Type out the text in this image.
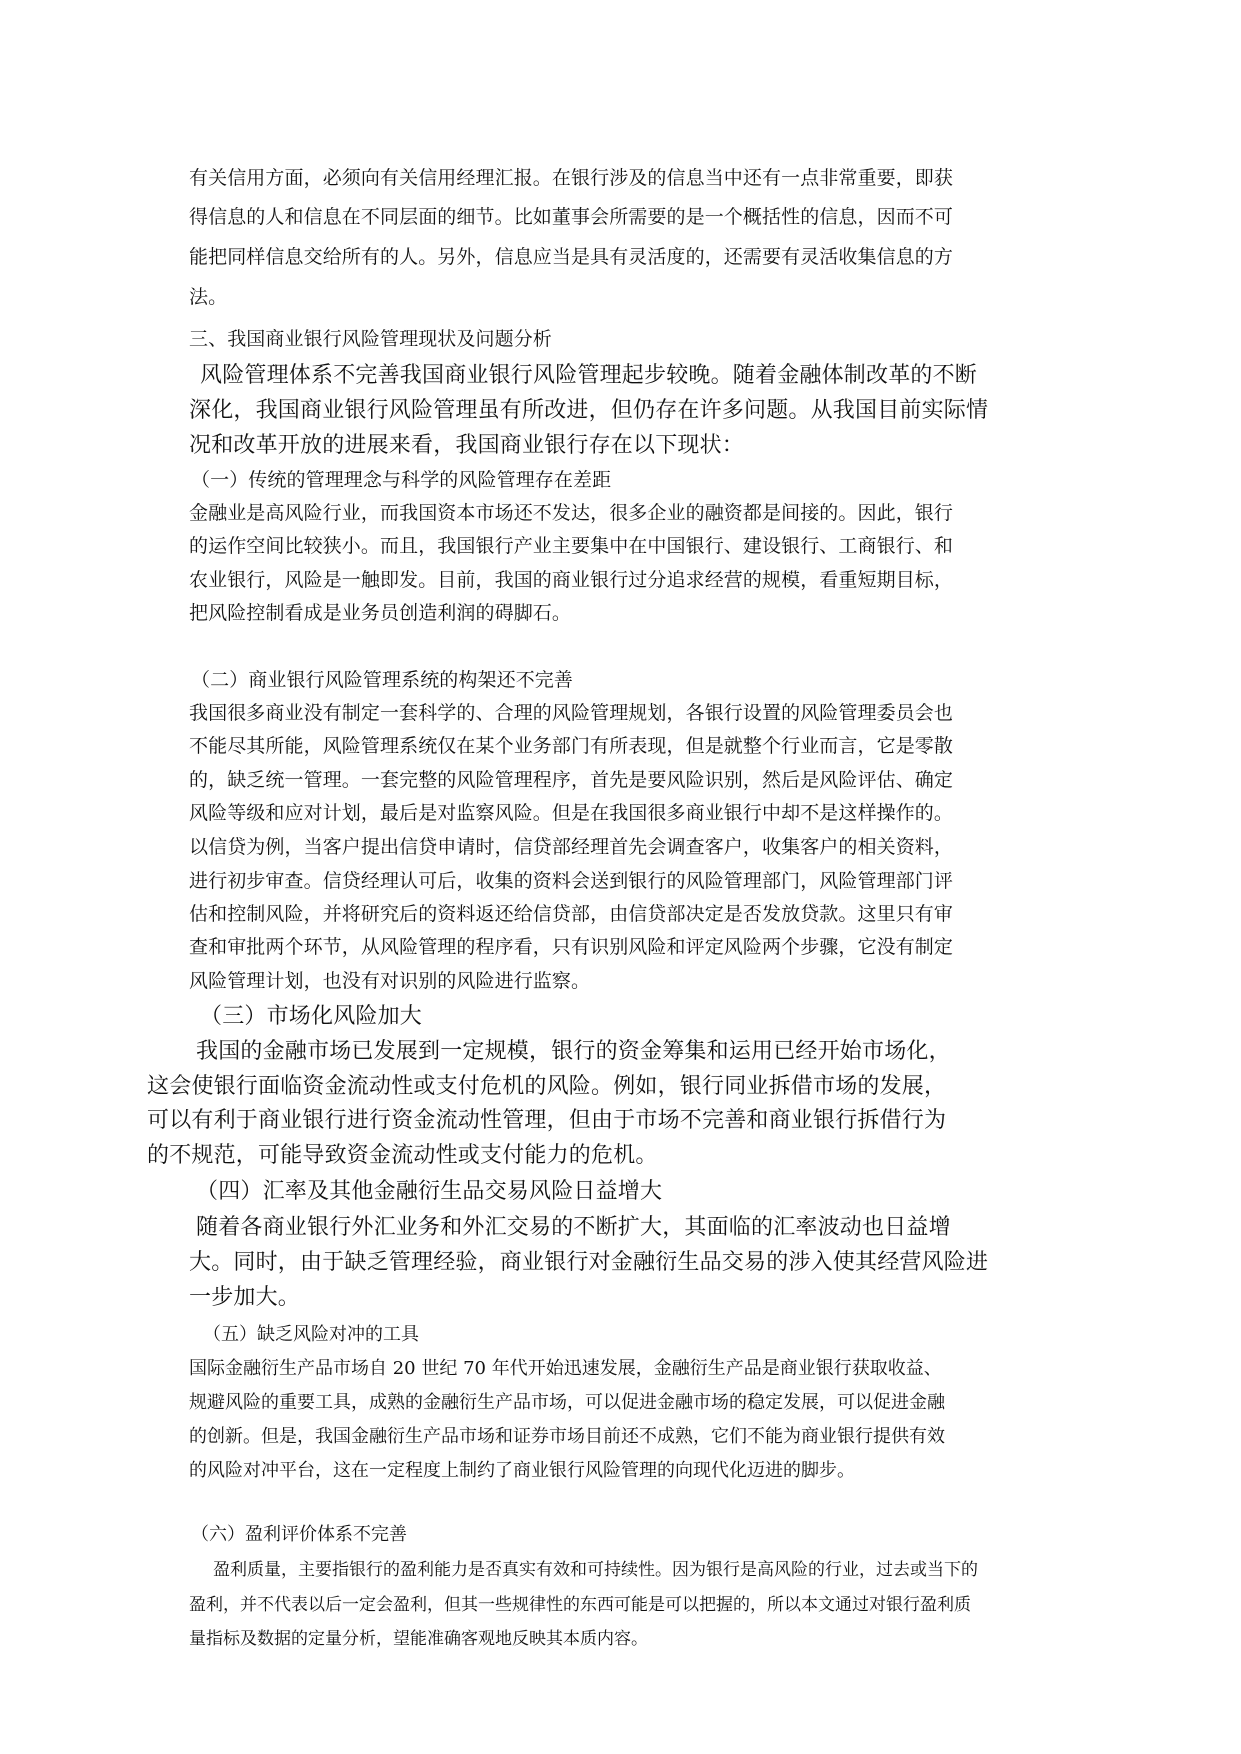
有关信用方面，必须向有关信用经理汇报。在银行涉及的信息当中还有一点非常重要，即获

得信息的人和信息在不同层面的细节。比如董事会所需要的是一个概括性的信息，因而不可

能把同样信息交给所有的人。另外，信息应当是具有灵活度的，还需要有灵活收集信息的方

法。

三、我国商业银行风险管理现状及问题分析

风险管理体系不完善我国商业银行风险管理起步较晚。随着金融体制改革的不断

深化，我国商业银行风险管理虽有所改进，但仍存在许多问题。从我国目前实际情

况和改革开放的进展来看，我国商业银行存在以下现状：

（一）传统的管理理念与科学的风险管理存在差距

金融业是高风险行业，而我国资本市场还不发达，很多企业的融资都是间接的。因此，银行

的运作空间比较狭小。而且，我国银行产业主要集中在中国银行、建设银行、工商银行、和

农业银行，风险是一触即发。目前，我国的商业银行过分追求经营的规模，看重短期目标，

把风险控制看成是业务员创造利润的碍脚石。

（二）商业银行风险管理系统的构架还不完善

我国很多商业没有制定一套科学的、合理的风险管理规划，各银行设置的风险管理委员会也

不能尽其所能，风险管理系统仅在某个业务部门有所表现，但是就整个行业而言，它是零散

的，缺乏统一管理。一套完整的风险管理程序，首先是要风险识别，然后是风险评估、确定

风险等级和应对计划，最后是对监察风险。但是在我国很多商业银行中却不是这样操作的。

以信贷为例，当客户提出信贷申请时，信贷部经理首先会调查客户，收集客户的相关资料，

进行初步审查。信贷经理认可后，收集的资料会送到银行的风险管理部门，风险管理部门评

估和控制风险，并将研究后的资料返还给信贷部，由信贷部决定是否发放贷款。这里只有审

查和审批两个环节，从风险管理的程序看，只有识别风险和评定风险两个步骤，它没有制定

风险管理计划，也没有对识别的风险进行监察。

（三）市场化风险加大

我国的金融市场已发展到一定规模，银行的资金筹集和运用已经开始市场化，

这会使银行面临资金流动性或支付危机的风险。例如，银行同业拆借市场的发展，

可以有利于商业银行进行资金流动性管理，但由于市场不完善和商业银行拆借行为

的不规范，可能导致资金流动性或支付能力的危机。

（四）汇率及其他金融衍生品交易风险日益增大

随着各商业银行外汇业务和外汇交易的不断扩大，其面临的汇率波动也日益增

大。同时，由于缺乏管理经验，商业银行对金融衍生品交易的涉入使其经营风险进

一步加大。

（五）缺乏风险对冲的工具

国际金融衍生产品市场自 20 世纪 70 年代开始迅速发展，金融衍生产品是商业银行获取收益、

规避风险的重要工具，成熟的金融衍生产品市场，可以促进金融市场的稳定发展，可以促进金融

的创新。但是，我国金融衍生产品市场和证券市场目前还不成熟，它们不能为商业银行提供有效

的风险对冲平台，这在一定程度上制约了商业银行风险管理的向现代化迈进的脚步。

（六）盈利评价体系不完善

盈利质量，主要指银行的盈利能力是否真实有效和可持续性。因为银行是高风险的行业，过去或当下的

盈利，并不代表以后一定会盈利，但其一些规律性的东西可能是可以把握的，所以本文通过对银行盈利质

量指标及数据的定量分析，望能准确客观地反映其本质内容。
